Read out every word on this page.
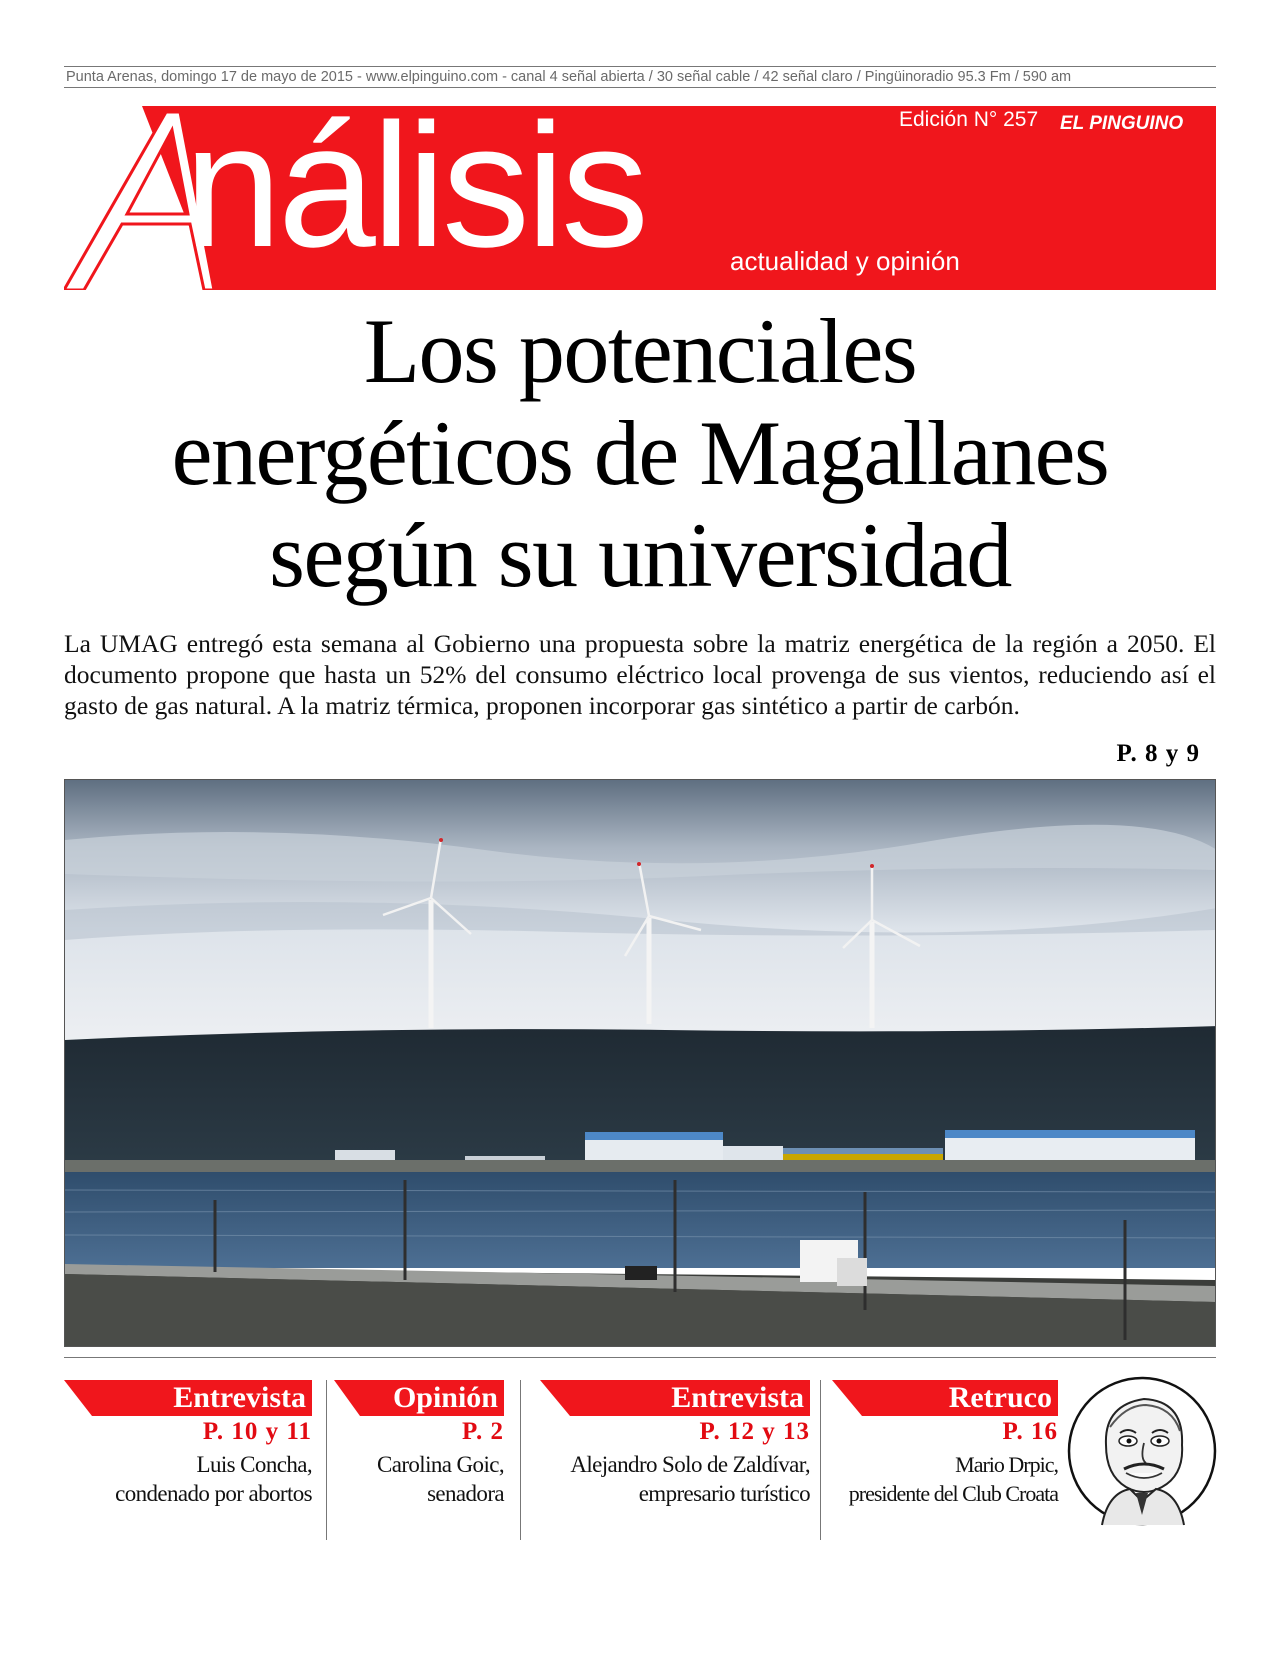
Punta Arenas, domingo 17 de mayo de 2015 - www.elpinguino.com - canal 4 señal abierta / 30 señal cable / 42 señal claro / Pingüinoradio 95.3 Fm / 590 am
nálisis	Edición N° 257 EL PINGUINO
actualidad y opinión
Los potenciales
energéticos de Magallanes
según su universidad
La UMAG entregó esta semana al Gobierno una propuesta sobre la matriz energética de la región a 2050. El documento propone que hasta un 52% del consumo eléctrico local provenga de sus vientos, reduciendo así el gasto de gas natural. A la matriz térmica, proponen incorporar gas sintético a partir de carbón.
P. 8 y 9
Entrevista
P. 10 y 11
Luis Concha,
condenado por abortos
Opinión
P. 2
Carolina Goic,
senadora
Entrevista
P. 12 y 13
Alejandro Solo de Zaldívar,
empresario turístico
Retruco
P. 16
Mario Drpic,
presidente del Club Croata
